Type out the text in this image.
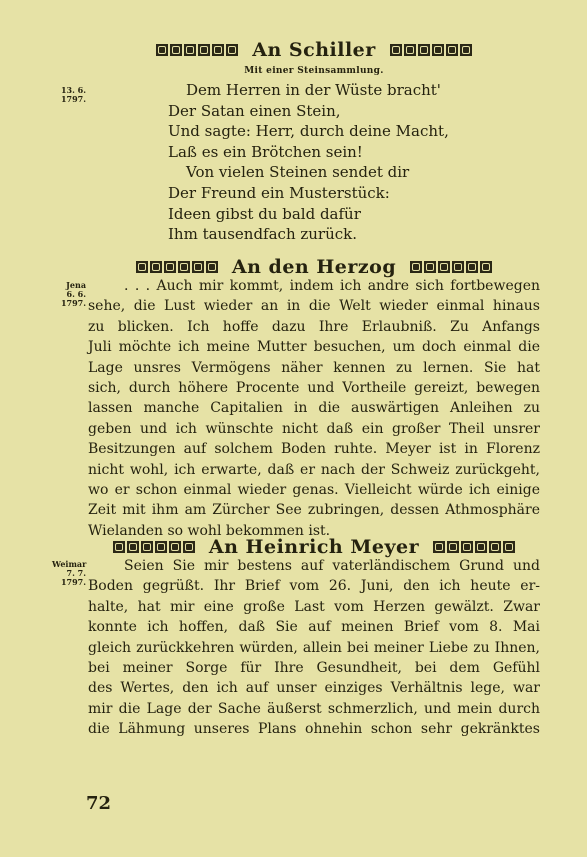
An Schiller
Mit einer Steinsammlung.
13. 6.
1797.	Dem Herren in der Wüste bracht'
Der Satan einen Stein,
Und sagte: Herr, durch deine Macht,
Laß es ein Brötchen sein!
Von vielen Steinen sendet dir
Der Freund ein Musterstück:
Ideen gibst du bald dafür
Ihm tausendfach zurück.
An den Herzog
Jena
6. 6.
1797.
. . . Auch mir kommt, indem ich andre sich fortbewegen
sehe, die Lust wieder an in die Welt wieder einmal hinaus
zu blicken. Ich hoffe dazu Ihre Erlaubniß. Zu Anfangs
Juli möchte ich meine Mutter besuchen, um doch einmal die
Lage unsres Vermögens näher kennen zu lernen. Sie hat
sich, durch höhere Procente und Vortheile gereizt, bewegen
lassen manche Capitalien in die auswärtigen Anleihen zu
geben und ich wünschte nicht daß ein großer Theil unsrer
Besitzungen auf solchem Boden ruhte. Meyer ist in Florenz
nicht wohl, ich erwarte, daß er nach der Schweiz zurückgeht,
wo er schon einmal wieder genas. Vielleicht würde ich einige
Zeit mit ihm am Zürcher See zubringen, dessen Athmosphäre
Wielanden so wohl bekommen ist.
An Heinrich Meyer
Weimar
7. 7.
1797.
Seien Sie mir bestens auf vaterländischem Grund und
Boden gegrüßt. Ihr Brief vom 26. Juni, den ich heute er-
halte, hat mir eine große Last vom Herzen gewälzt. Zwar
konnte ich hoffen, daß Sie auf meinen Brief vom 8. Mai
gleich zurückkehren würden, allein bei meiner Liebe zu Ihnen,
bei meiner Sorge für Ihre Gesundheit, bei dem Gefühl
des Wertes, den ich auf unser einziges Verhältnis lege, war
mir die Lage der Sache äußerst schmerzlich, und mein durch
die Lähmung unseres Plans ohnehin schon sehr gekränktes
72
